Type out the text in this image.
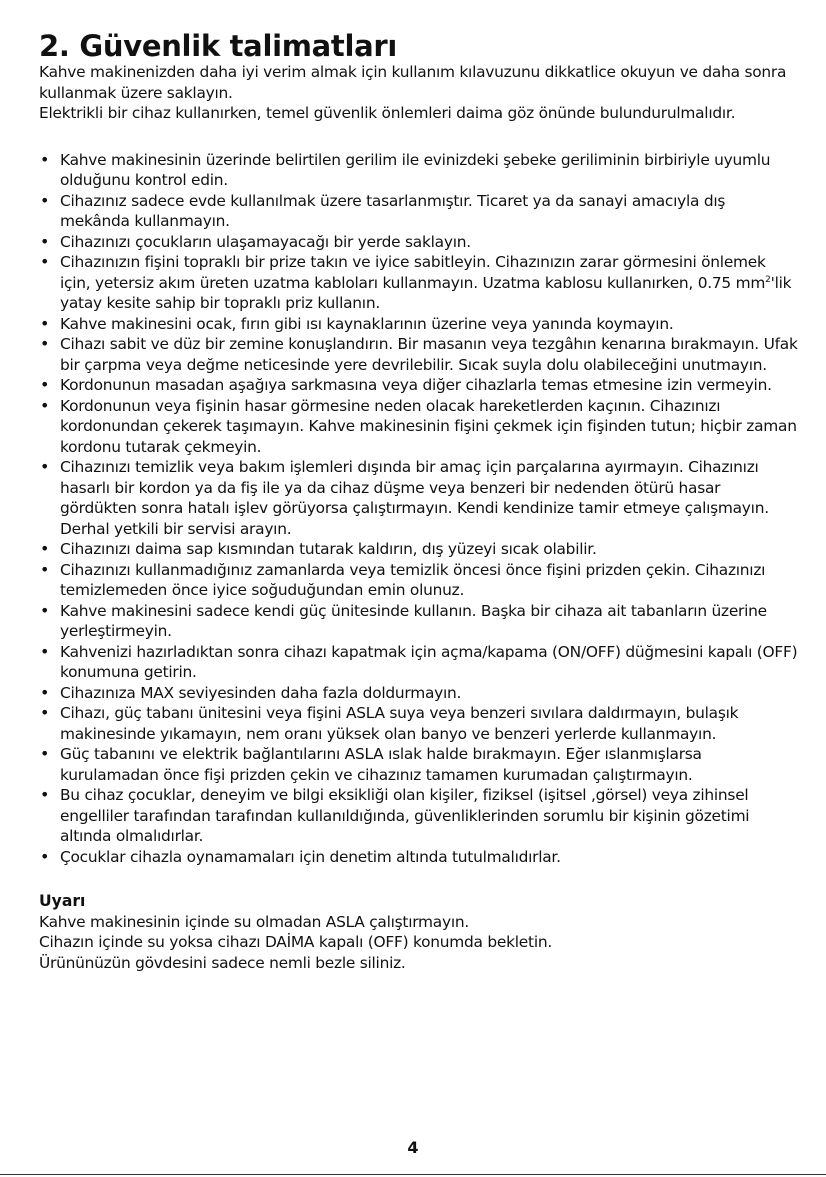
2. Güvenlik talimatları

Kahve makinenizden daha iyi verim almak için kullanım kılavuzunu dikkatlice okuyun ve daha sonra kullanmak üzere saklayın.

Elektrikli bir cihaz kullanırken, temel güvenlik önlemleri daima göz önünde bulundurulmalıdır.

• Kahve makinesinin üzerinde belirtilen gerilim ile evinizdeki şebeke geriliminin birbiriyle uyumlu olduğunu kontrol edin.
• Cihazınız sadece evde kullanılmak üzere tasarlanmıştır. Ticaret ya da sanayi amacıyla dış mekânda kullanmayın.
• Cihazınızı çocukların ulaşamayacağı bir yerde saklayın.
• Cihazınızın fişini topraklı bir prize takın ve iyice sabitleyin. Cihazınızın zarar görmesini önlemek için, yetersiz akım üreten uzatma kabloları kullanmayın. Uzatma kablosu kullanırken, 0.75 $mm^2'lik$ yatay kesite sahip bir topraklı priz kullanın.
• Kahve makinesini ocak, fırın gibi ısı kaynaklarının üzerine veya yanında koymayın.
• Cihazı sabit ve düz bir zemine konuşlandırın. Bir masanın veya tezgâhın kenarına bırakmayın. Ufak bir çarpma veya değme neticesinde yere devrilebilir. Sıcak suyla dolu olabileceğini unutmayın.
• Kordonunun masadan aşağıya sarkmasına veya diğer cihazlarla temas etmesine izin vermeyin.
• Kordonunun veya fişinin hasar görmesine neden olacak hareketlerden kaçının. Cihazınızı kordonundan çekerek taşımayın. Kahve makinesinin fişini çekmek için fişinden tutun; hiçbir zaman kordonu tutarak çekmeyin.
• Cihazınızı temizlik veya bakım işlemleri dışında bir amaç için parçalarına ayırmayın. Cihazınızı hasarlı bir kordon ya da fiş ile ya da cihaz düşme veya benzeri bir nedenden ötürü hasar gördükten sonra hatalı işlev görüyorsa çalıştırmayın. Kendi kendinize tamir etmeye çalışmayın. Derhal yetkili bir servisi arayın.
• Cihazınızı daima sap kısmından tutarak kaldırın, dış yüzeyi sıcak olabilir.
• Cihazınızı kullanmadığınız zamanlarda veya temizlik öncesi önce fişini prizden çekin. Cihazınızı temizlemeden önce iyice soğuduğundan emin olunuz.
• Kahve makinesini sadece kendi güç ünitesinde kullanın. Başka bir cihaza ait tabanların üzerine yerleştirmeyin.
• Kahvenizi hazırladıktan sonra cihazı kapatmak için açma/kapama (ON/OFF) düğmesini kapalı (OFF) konumuna getirin.
• Cihazınıza MAX seviyesinden daha fazla doldurmayın.
• Cihazı, güç tabanı ünitesini veya fişini ASLA suya veya benzeri sıvılara daldırmayın, bulaşık makinesinde yıkamayın, nem oranı yüksek olan banyo ve benzeri yerlerde kullanmayın.
• Güç tabanını ve elektrik bağlantılarını ASLA ıslak halde bırakmayın. Eğer ıslanmışlarsa kurulamadan önce fişi prizden çekin ve cihazınız tamamen kurumadan çalıştırmayın.
• Bu cihaz çocuklar, deneyim ve bilgi eksikliği olan kişiler, fiziksel (işitsel ,görsel) veya zihinsel engelliler tarafından tarafından kullanıldığında, güvenliklerinden sorumlu bir kişinin gözetimi altında olmalıdırlar.
• Çocuklar cihazla oynamamaları için denetim altında tutulmalıdırlar.
Uyarı

Kahve makinesinin içinde su olmadan ASLA çalıştırmayın.

Cihazın içinde su yoksa cihazı DAİMA kapalı (OFF) konumda bekletin.

Ürününüzün gövdesini sadece nemli bezle siliniz.

4
